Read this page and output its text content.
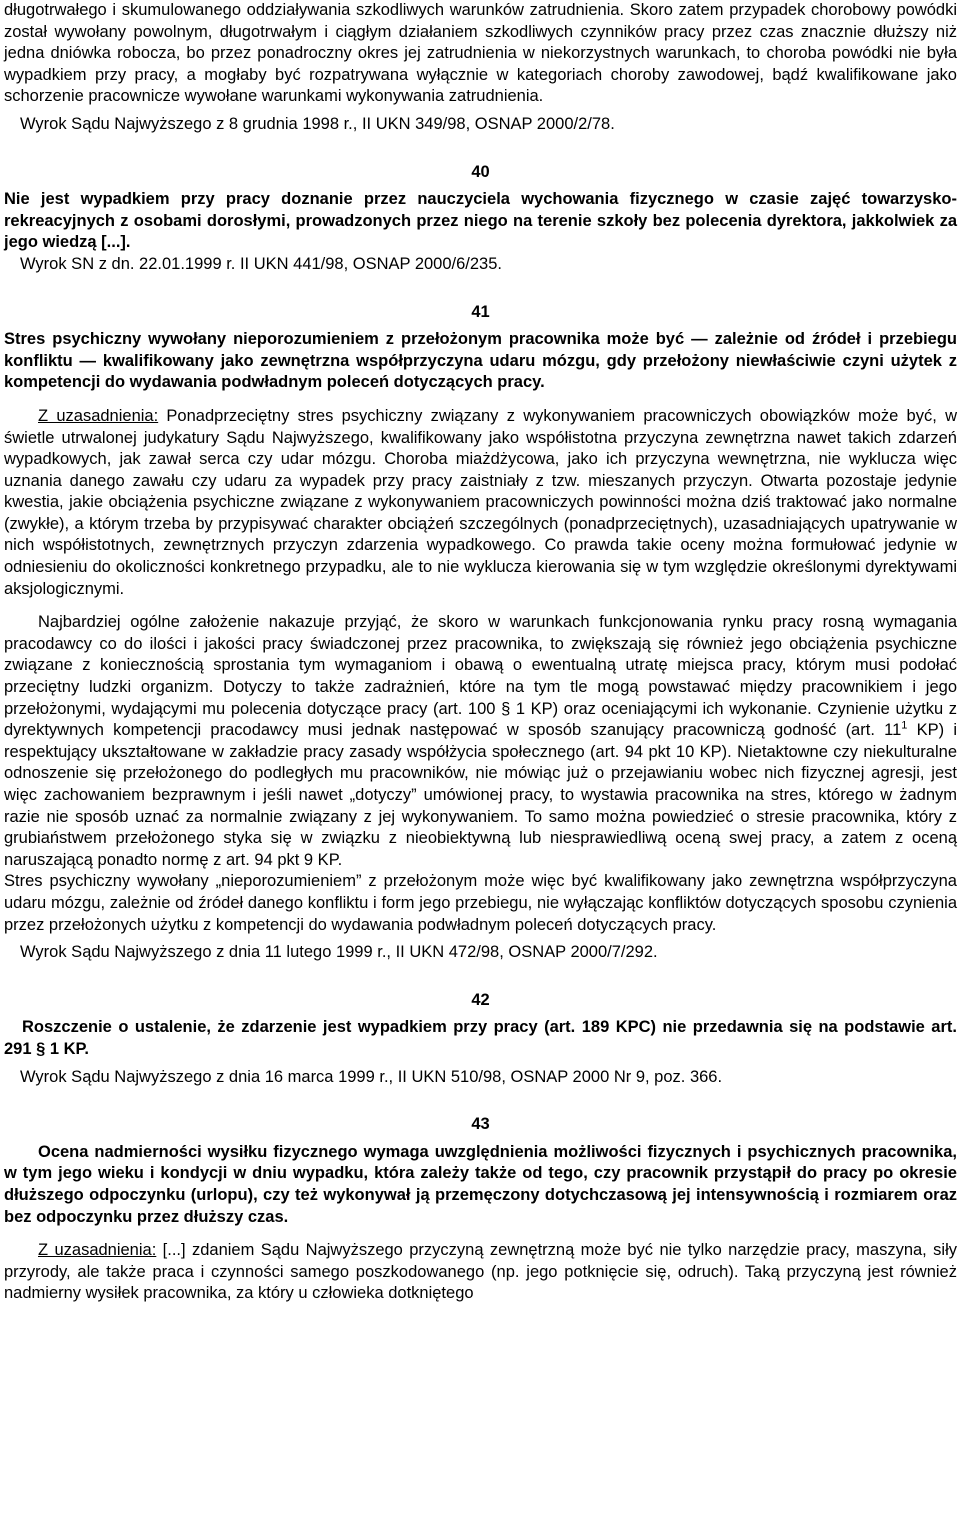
długotrwałego i skumulowanego oddziaływania szkodliwych warunków zatrudnienia. Skoro zatem przypadek chorobowy powódki został wywołany powolnym, długotrwałym i ciągłym działaniem szkodliwych czynników pracy przez czas znacznie dłuższy niż jedna dniówka robocza, bo przez ponadroczny okres jej zatrudnienia w niekorzystnych warunkach, to choroba powódki nie była wypadkiem przy pracy, a mogłaby być rozpatrywana wyłącznie w kategoriach choroby zawodowej, bądź kwalifikowane jako schorzenie pracownicze wywołane warunkami wykonywania zatrudnienia.

Wyrok Sądu Najwyższego z 8 grudnia 1998 r., II UKN 349/98, OSNAP 2000/2/78.

40

Nie jest wypadkiem przy pracy doznanie przez nauczyciela wychowania fizycznego w czasie zajęć towarzysko-rekreacyjnych z osobami dorosłymi, prowadzonych przez niego na terenie szkoły bez polecenia dyrektora, jakkolwiek za jego wiedzą [...].

Wyrok SN z dn. 22.01.1999 r. II UKN 441/98, OSNAP 2000/6/235.

41

Stres psychiczny wywołany nieporozumieniem z przełożonym pracownika może być ― zależnie od źródeł i przebiegu konfliktu ― kwalifikowany jako zewnętrzna współprzyczyna udaru mózgu, gdy przełożony niewłaściwie czyni użytek z kompetencji do wydawania podwładnym poleceń dotyczących pracy.

Z uzasadnienia: Ponadprzeciętny stres psychiczny związany z wykonywaniem pracowniczych obowiązków może być, w świetle utrwalonej judykatury Sądu Najwyższego, kwalifikowany jako współistotna przyczyna zewnętrzna nawet takich zdarzeń wypadkowych, jak zawał serca czy udar mózgu. Choroba miażdżycowa, jako ich przyczyna wewnętrzna, nie wyklucza więc uznania danego zawału czy udaru za wypadek przy pracy zaistniały z tzw. mieszanych przyczyn. Otwarta pozostaje jedynie kwestia, jakie obciążenia psychiczne związane z wykonywaniem pracowniczych powinności można dziś traktować jako normalne (zwykłe), a którym trzeba by przypisywać charakter obciążeń szczególnych (ponadprzeciętnych), uzasadniających upatrywanie w nich współistotnych, zewnętrznych przyczyn zdarzenia wypadkowego. Co prawda takie oceny można formułować jedynie w odniesieniu do okoliczności konkretnego przypadku, ale to nie wyklucza kierowania się w tym względzie określonymi dyrektywami aksjologicznymi.

Najbardziej ogólne założenie nakazuje przyjąć, że skoro w warunkach funkcjonowania rynku pracy rosną wymagania pracodawcy co do ilości i jakości pracy świadczonej przez pracownika, to zwiększają się również jego obciążenia psychiczne związane z koniecznością sprostania tym wymaganiom i obawą o ewentualną utratę miejsca pracy, którym musi podołać przeciętny ludzki organizm. Dotyczy to także zadrażnień, które na tym tle mogą powstawać między pracownikiem i jego przełożonymi, wydającymi mu polecenia dotyczące pracy (art. 100 § 1 KP) oraz oceniającymi ich wykonanie. Czynienie użytku z dyrektywnych kompetencji pracodawcy musi jednak następować w sposób szanujący pracowniczą godność (art. $11^1$ KP) i respektujący ukształtowane w zakładzie pracy zasady współżycia społecznego (art. 94 pkt 10 KP). Nietaktowne czy niekulturalne odnoszenie się przełożonego do podległych mu pracowników, nie mówiąc już o przejawianiu wobec nich fizycznej agresji, jest więc zachowaniem bezprawnym i jeśli nawet „dotyczy” umówionej pracy, to wystawia pracownika na stres, którego w żadnym razie nie sposób uznać za normalnie związany z jej wykonywaniem. To samo można powiedzieć o stresie pracownika, który z grubiaństwem przełożonego styka się w związku z nieobiektywną lub niesprawiedliwą oceną swej pracy, a zatem z oceną naruszającą ponadto normę z art. 94 pkt 9 KP.

Stres psychiczny wywołany „nieporozumieniem” z przełożonym może więc być kwalifikowany jako zewnętrzna współprzyczyna udaru mózgu, zależnie od źródeł danego konfliktu i form jego przebiegu, nie wyłączając konfliktów dotyczących sposobu czynienia przez przełożonych użytku z kompetencji do wydawania podwładnym poleceń dotyczących pracy.

Wyrok Sądu Najwyższego z dnia 11 lutego 1999 r., II UKN 472/98, OSNAP 2000/7/292.

42

Roszczenie o ustalenie, że zdarzenie jest wypadkiem przy pracy (art. 189 KPC) nie przedawnia się na podstawie art. 291 § 1 KP.

Wyrok Sądu Najwyższego z dnia 16 marca 1999 r., II UKN 510/98, OSNAP 2000 Nr 9, poz. 366.

43

Ocena nadmierności wysiłku fizycznego wymaga uwzględnienia możliwości fizycznych i psychicznych pracownika, w tym jego wieku i kondycji w dniu wypadku, która zależy także od tego, czy pracownik przystąpił do pracy po okresie dłuższego odpoczynku (urlopu), czy też wykonywał ją przemęczony dotychczasową jej intensywnością i rozmiarem oraz bez odpoczynku przez dłuższy czas.

Z uzasadnienia: [...] zdaniem Sądu Najwyższego przyczyną zewnętrzną może być nie tylko narzędzie pracy, maszyna, siły przyrody, ale także praca i czynności samego poszkodowanego (np. jego potknięcie się, odruch). Taką przyczyną jest również nadmierny wysiłek pracownika, za który u człowieka dotkniętego
